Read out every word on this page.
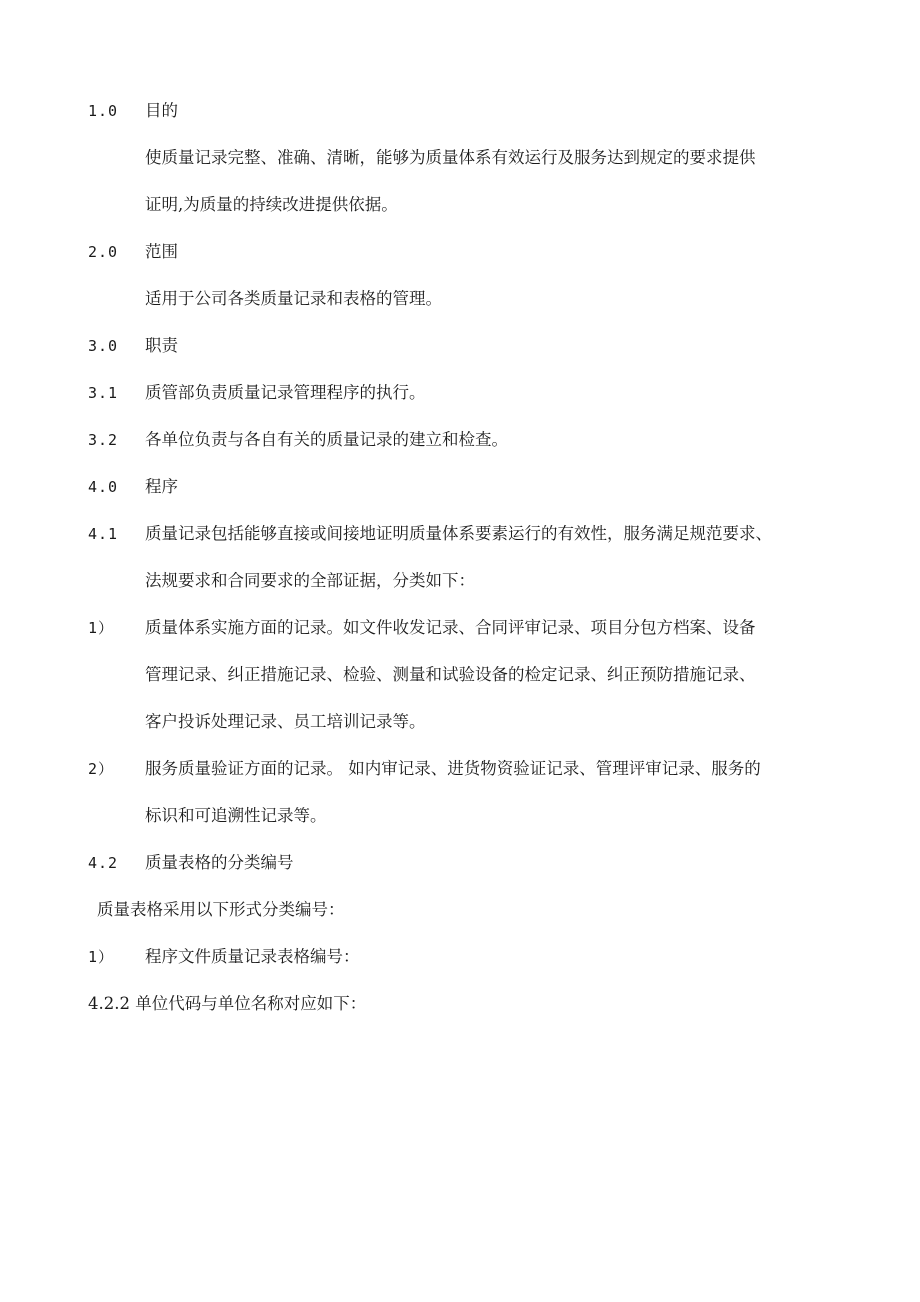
1.0 目的
使质量记录完整、准确、清晰，能够为质量体系有效运行及服务达到规定的要求提供
证明,为质量的持续改进提供依据。
2.0 范围
适用于公司各类质量记录和表格的管理。
3.0 职责
3.1 质管部负责质量记录管理程序的执行。
3.2 各单位负责与各自有关的质量记录的建立和检查。
4.0 程序
4.1 质量记录包括能够直接或间接地证明质量体系要素运行的有效性，服务满足规范要求、
法规要求和合同要求的全部证据，分类如下：
1） 质量体系实施方面的记录。如文件收发记录、合同评审记录、项目分包方档案、设备
管理记录、纠正措施记录、检验、测量和试验设备的检定记录、纠正预防措施记录、
客户投诉处理记录、员工培训记录等。
2） 服务质量验证方面的记录。 如内审记录、进货物资验证记录、管理评审记录、服务的
标识和可追溯性记录等。
4.2 质量表格的分类编号
质量表格采用以下形式分类编号：
1） 程序文件质量记录表格编号：
4.2.2 单位代码与单位名称对应如下：
